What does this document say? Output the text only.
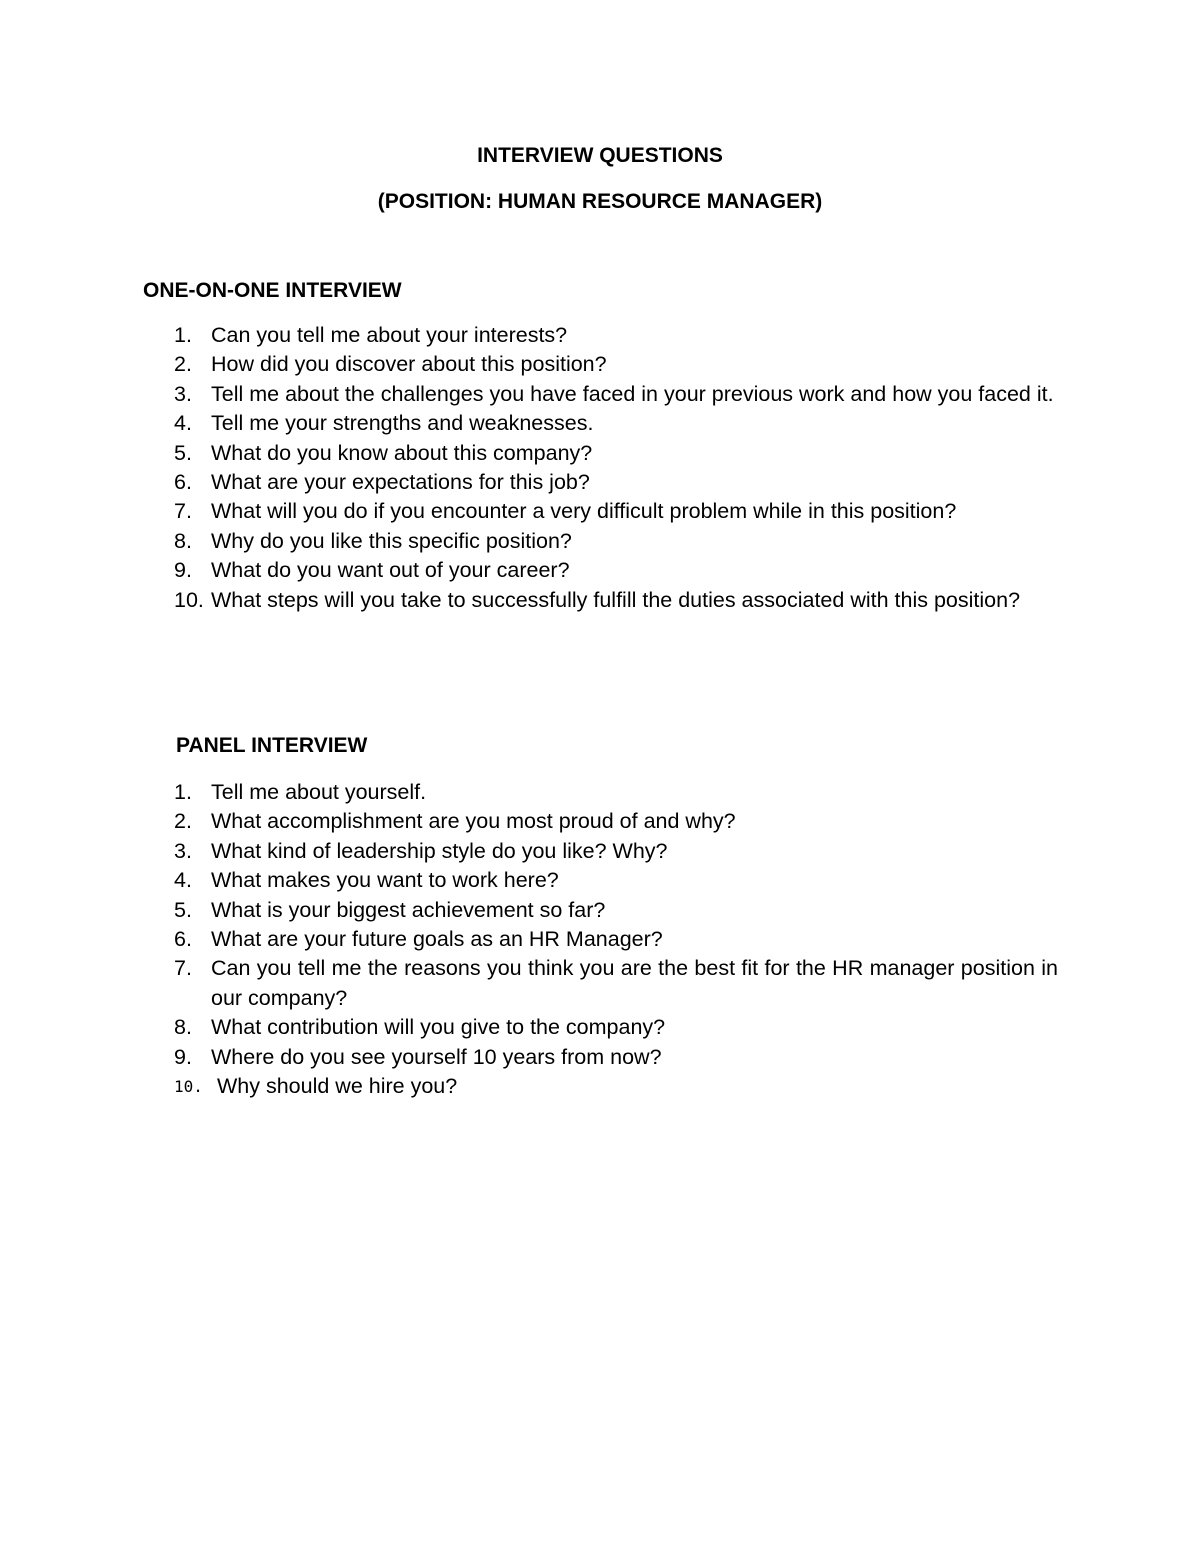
INTERVIEW QUESTIONS
(POSITION: HUMAN RESOURCE MANAGER)
ONE-ON-ONE INTERVIEW
1. Can you tell me about your interests?
2. How did you discover about this position?
3. Tell me about the challenges you have faced in your previous work and how you faced it.
4. Tell me your strengths and weaknesses.
5. What do you know about this company?
6. What are your expectations for this job?
7. What will you do if you encounter a very difficult problem while in this position?
8. Why do you like this specific position?
9. What do you want out of your career?
10. What steps will you take to successfully fulfill the duties associated with this position?
PANEL INTERVIEW
1. Tell me about yourself.
2. What accomplishment are you most proud of and why?
3. What kind of leadership style do you like? Why?
4. What makes you want to work here?
5. What is your biggest achievement so far?
6. What are your future goals as an HR Manager?
7. Can you tell me the reasons you think you are the best fit for the HR manager position in our company?
8. What contribution will you give to the company?
9. Where do you see yourself 10 years from now?
10. Why should we hire you?
